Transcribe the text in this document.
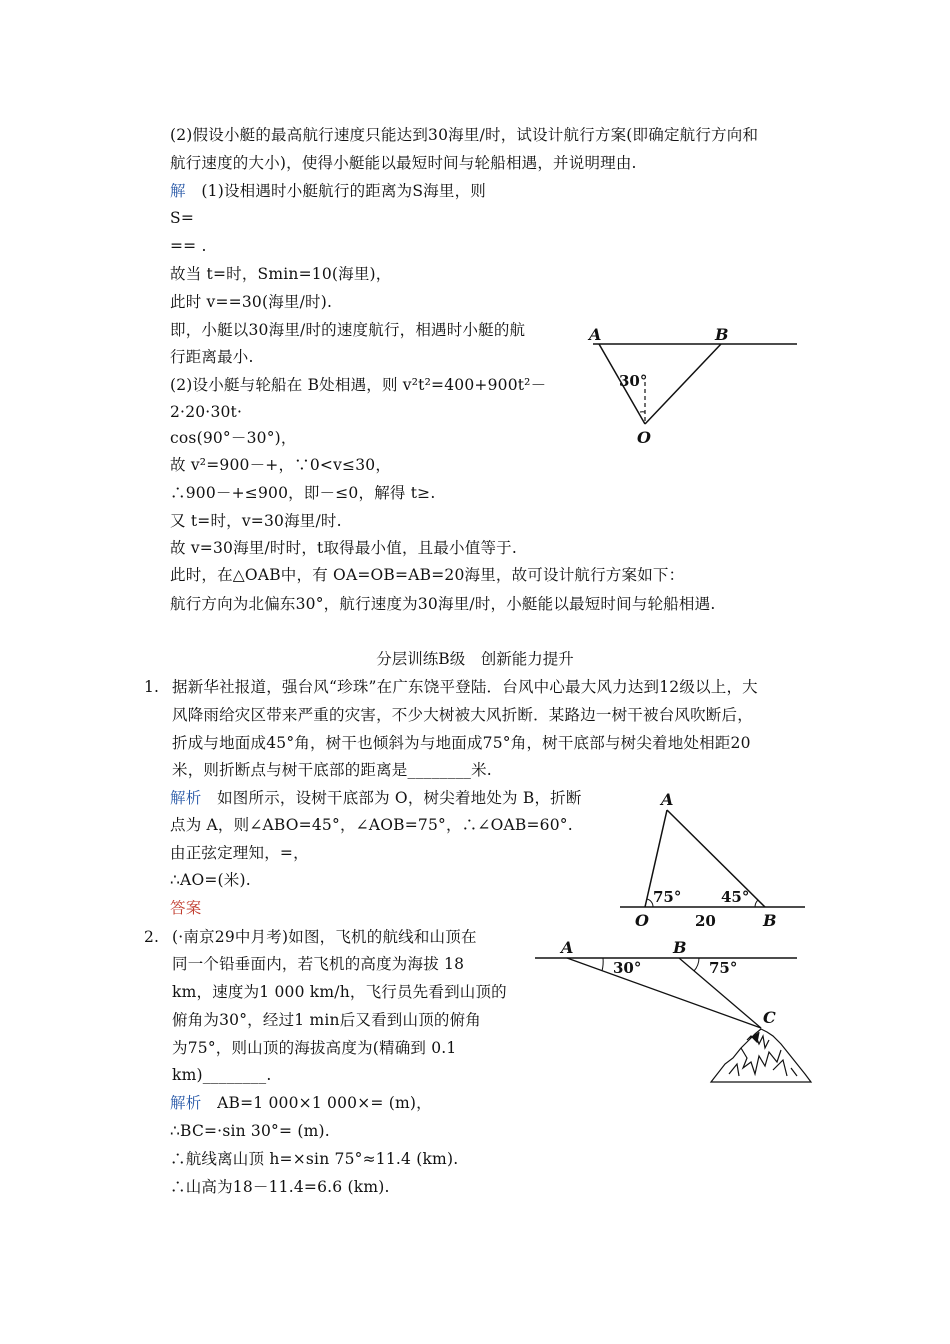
(2)假设小艇的最高航行速度只能达到30海里/时，试设计航行方案(即确定航行方向和
航行速度的大小)，使得小艇能以最短时间与轮船相遇，并说明理由.
解　 (1)设相遇时小艇航行的距离为S海里，则
S=
== .
故当 t=时，Smin=10(海里)，
此时 v==30(海里/时).
即，小艇以30海里/时的速度航行，相遇时小艇的航
行距离最小.
(2)设小艇与轮船在 B处相遇，则 v²t²=400+900t²－
2·20·30t·
cos(90°－30°)，
故 v²=900－+，∵0<v≤30，
∴900－+≤900，即－≤0，解得 t≥.
又 t=时，v=30海里/时.
故 v=30海里/时时，t取得最小值，且最小值等于.
此时，在△OAB中，有 OA=OB=AB=20海里，故可设计航行方案如下：
航行方向为北偏东30°，航行速度为30海里/时，小艇能以最短时间与轮船相遇.
A	B
O
30°
分层训练B级　创新能力提升
1. 据新华社报道，强台风“珍珠”在广东饶平登陆．台风中心最大风力达到12级以上，大
风降雨给灾区带来严重的灾害，不少大树被大风折断．某路边一树干被台风吹断后，
折成与地面成45°角，树干也倾斜为与地面成75°角，树干底部与树尖着地处相距20
米，则折断点与树干底部的距离是________米.
解析　 如图所示，设树干底部为 O，树尖着地处为 B，折断
点为 A，则∠ABO=45°，∠AOB=75°，∴∠OAB=60°.
由正弦定理知，=，
∴AO=(米).
答案
A
O	B
75°	45°
20
2. (·南京29中月考)如图，飞机的航线和山顶在
同一个铅垂面内，若飞机的高度为海拔 18
km，速度为1 000 km/h，飞行员先看到山顶的
俯角为30°，经过1 min后又看到山顶的俯角
为75°，则山顶的海拔高度为(精确到 0.1
km)________.
解析　 AB=1 000×1 000×= (m)，
∴BC=·sin 30°= (m).
∴航线离山顶 h=×sin 75°≈11.4 (km).
∴山高为18－11.4=6.6 (km).
A	B
C
30°	75°
